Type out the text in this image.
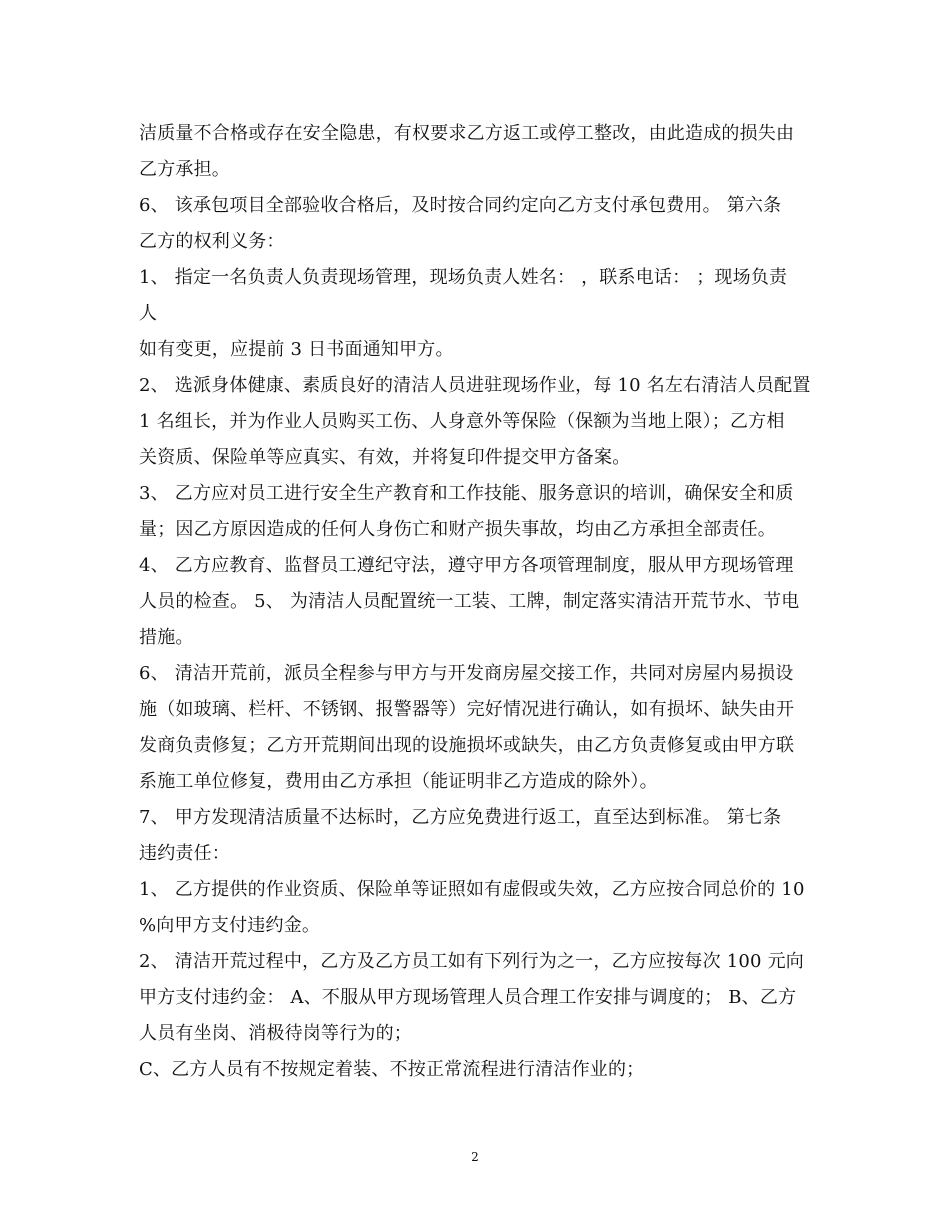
洁质量不合格或存在安全隐患，有权要求乙方返工或停工整改，由此造成的损失由
乙方承担。
6、 该承包项目全部验收合格后，及时按合同约定向乙方支付承包费用。 第六条
乙方的权利义务：
1、 指定一名负责人负责现场管理，现场负责人姓名： ，联系电话： ；现场负责
人
如有变更，应提前 3 日书面通知甲方。
2、 选派身体健康、素质良好的清洁人员进驻现场作业，每 10 名左右清洁人员配置
1 名组长，并为作业人员购买工伤、人身意外等保险（保额为当地上限）；乙方相
关资质、保险单等应真实、有效，并将复印件提交甲方备案。
3、 乙方应对员工进行安全生产教育和工作技能、服务意识的培训，确保安全和质
量；因乙方原因造成的任何人身伤亡和财产损失事故，均由乙方承担全部责任。
4、 乙方应教育、监督员工遵纪守法，遵守甲方各项管理制度，服从甲方现场管理
人员的检查。 5、 为清洁人员配置统一工装、工牌，制定落实清洁开荒节水、节电
措施。
6、 清洁开荒前，派员全程参与甲方与开发商房屋交接工作，共同对房屋内易损设
施（如玻璃、栏杆、不锈钢、报警器等）完好情况进行确认，如有损坏、缺失由开
发商负责修复；乙方开荒期间出现的设施损坏或缺失，由乙方负责修复或由甲方联
系施工单位修复，费用由乙方承担（能证明非乙方造成的除外）。
7、 甲方发现清洁质量不达标时，乙方应免费进行返工，直至达到标准。 第七条
违约责任：
1、 乙方提供的作业资质、保险单等证照如有虚假或失效，乙方应按合同总价的 10
%向甲方支付违约金。
2、 清洁开荒过程中，乙方及乙方员工如有下列行为之一，乙方应按每次 100 元向
甲方支付违约金： A、不服从甲方现场管理人员合理工作安排与调度的； B、乙方
人员有坐岗、消极待岗等行为的；
C、乙方人员有不按规定着装、不按正常流程进行清洁作业的；
2
